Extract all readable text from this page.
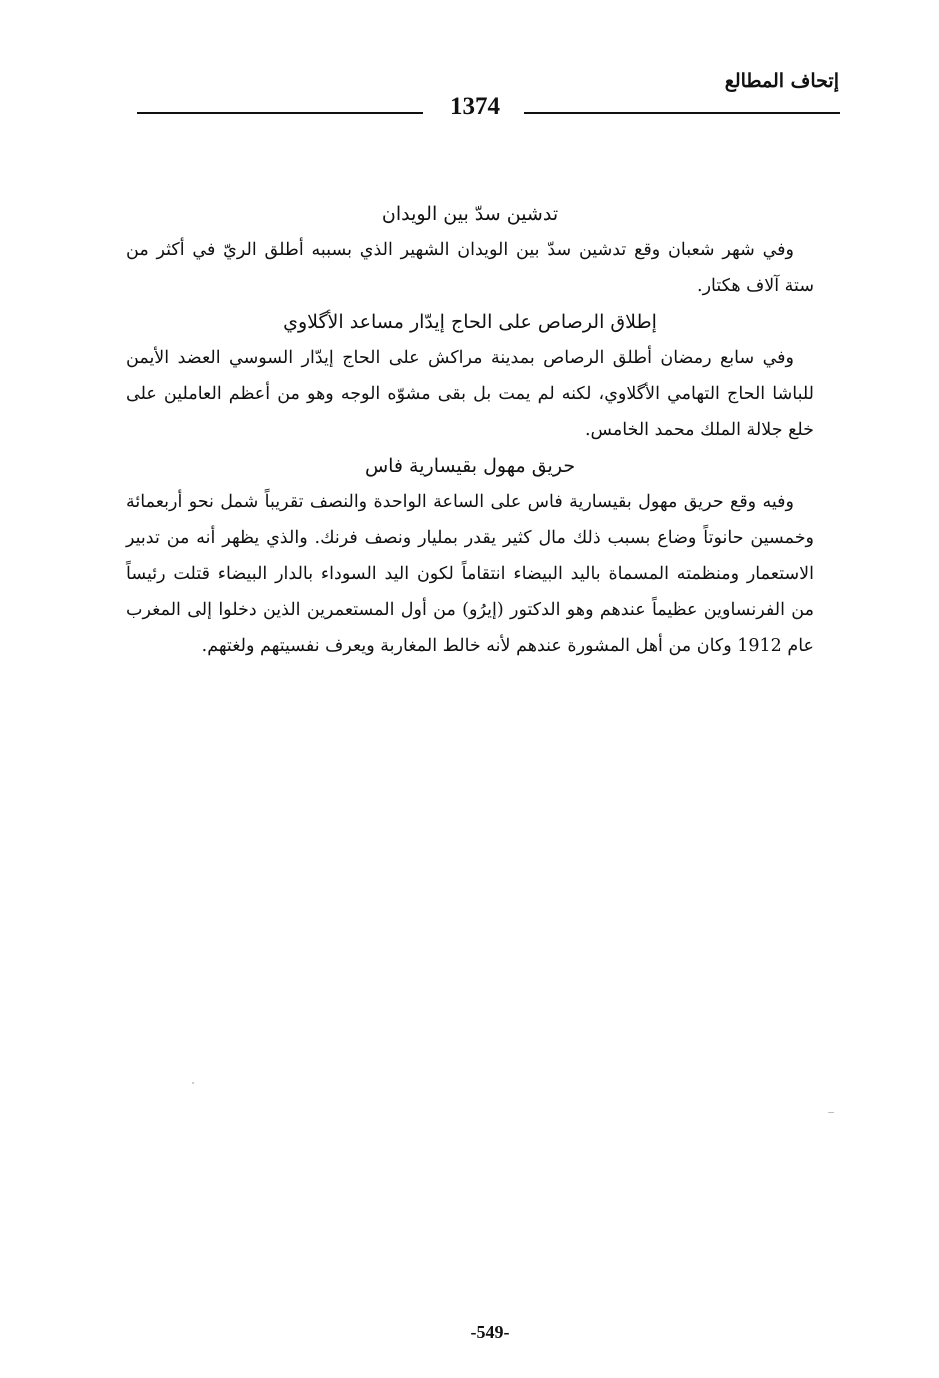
إتحاف المطالع
1374
تدشين سدّ بين الويدان

وفي شهر شعبان وقع تدشين سدّ بين الويدان الشهير الذي بسببه أطلق الريّ في أكثر من ستة آلاف هكتار.

إطلاق الرصاص على الحاج إيدّار مساعد الأگلاوي

وفي سابع رمضان أطلق الرصاص بمدينة مراكش على الحاج إيدّار السوسي العضد الأيمن للباشا الحاج التهامي الأگلاوي، لكنه لم يمت بل بقى مشوّه الوجه وهو من أعظم العاملين على خلع جلالة الملك محمد الخامس.

حريق مهول بقيسارية فاس

وفيه وقع حريق مهول بقيسارية فاس على الساعة الواحدة والنصف تقريباً شمل نحو أربعمائة وخمسين حانوتاً وضاع بسبب ذلك مال كثير يقدر بمليار ونصف فرنك. والذي يظهر أنه من تدبير الاستعمار ومنظمته المسماة باليد البيضاء انتقاماً لكون اليد السوداء بالدار البيضاء قتلت رئيساً من الفرنساوين عظيماً عندهم وهو الدكتور (إيرُو) من أول المستعمرين الذين دخلوا إلى المغرب عام 1912 وكان من أهل المشورة عندهم لأنه خالط المغاربة ويعرف نفسيتهم ولغتهم.

-549-
